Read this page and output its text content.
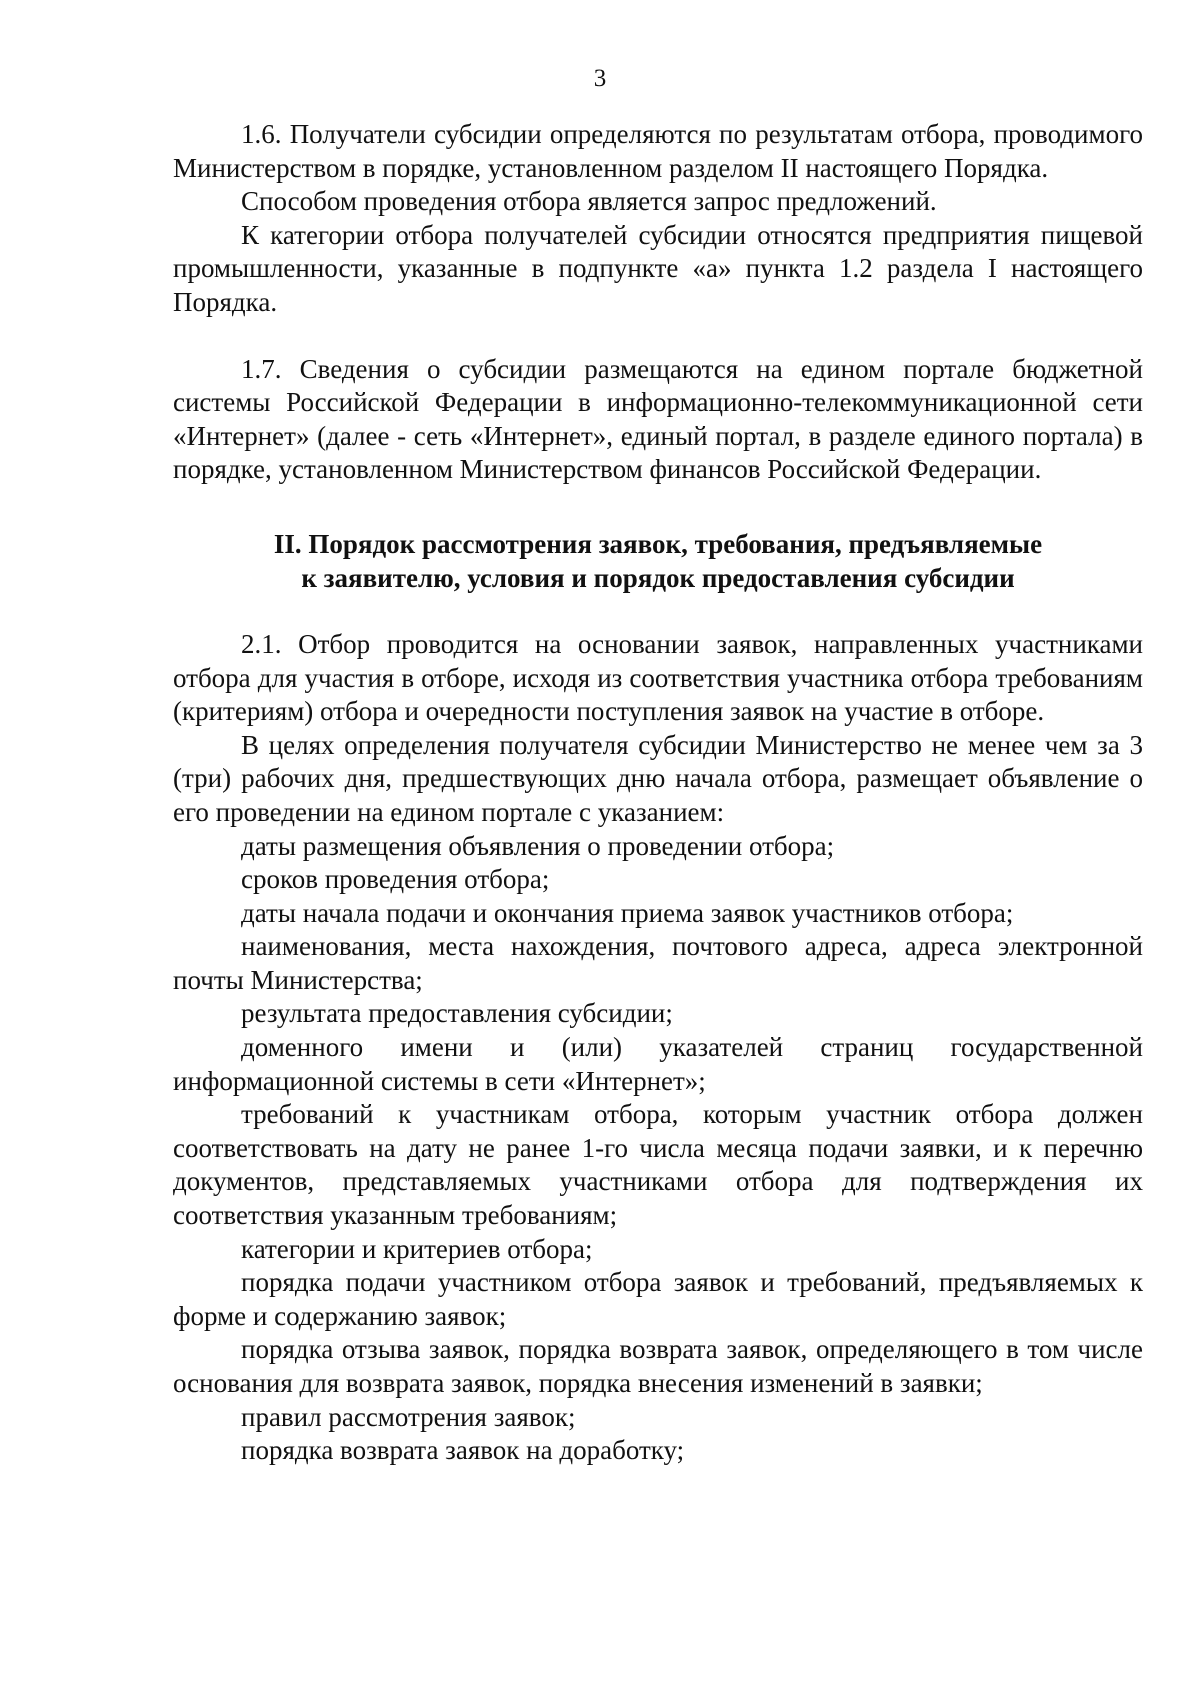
3

1.6. Получатели субсидии определяются по результатам отбора, проводимого Министерством в порядке, установленном разделом II настоящего Порядка.

Способом проведения отбора является запрос предложений.

К категории отбора получателей субсидии относятся предприятия пищевой промышленности, указанные в подпункте «а» пункта 1.2 раздела I настоящего Порядка.

1.7. Сведения о субсидии размещаются на едином портале бюджетной системы Российской Федерации в информационно-телекоммуникационной сети «Интернет» (далее - сеть «Интернет», единый портал, в разделе единого портала) в порядке, установленном Министерством финансов Российской Федерации.

II. Порядок рассмотрения заявок, требования, предъявляемые
к заявителю, условия и порядок предоставления субсидии

2.1. Отбор проводится на основании заявок, направленных участниками отбора для участия в отборе, исходя из соответствия участника отбора требованиям (критериям) отбора и очередности поступления заявок на участие в отборе.

В целях определения получателя субсидии Министерство не менее чем за 3 (три) рабочих дня, предшествующих дню начала отбора, размещает объявление о его проведении на едином портале с указанием:

даты размещения объявления о проведении отбора;

сроков проведения отбора;

даты начала подачи и окончания приема заявок участников отбора;

наименования, места нахождения, почтового адреса, адреса электронной почты Министерства;

результата предоставления субсидии;

доменного имени и (или) указателей страниц государственной информационной системы в сети «Интернет»;

требований к участникам отбора, которым участник отбора должен соответствовать на дату не ранее 1-го числа месяца подачи заявки, и к перечню документов, представляемых участниками отбора для подтверждения их соответствия указанным требованиям;

категории и критериев отбора;

порядка подачи участником отбора заявок и требований, предъявляемых к форме и содержанию заявок;

порядка отзыва заявок, порядка возврата заявок, определяющего в том числе основания для возврата заявок, порядка внесения изменений в заявки;

правил рассмотрения заявок;

порядка возврата заявок на доработку;
